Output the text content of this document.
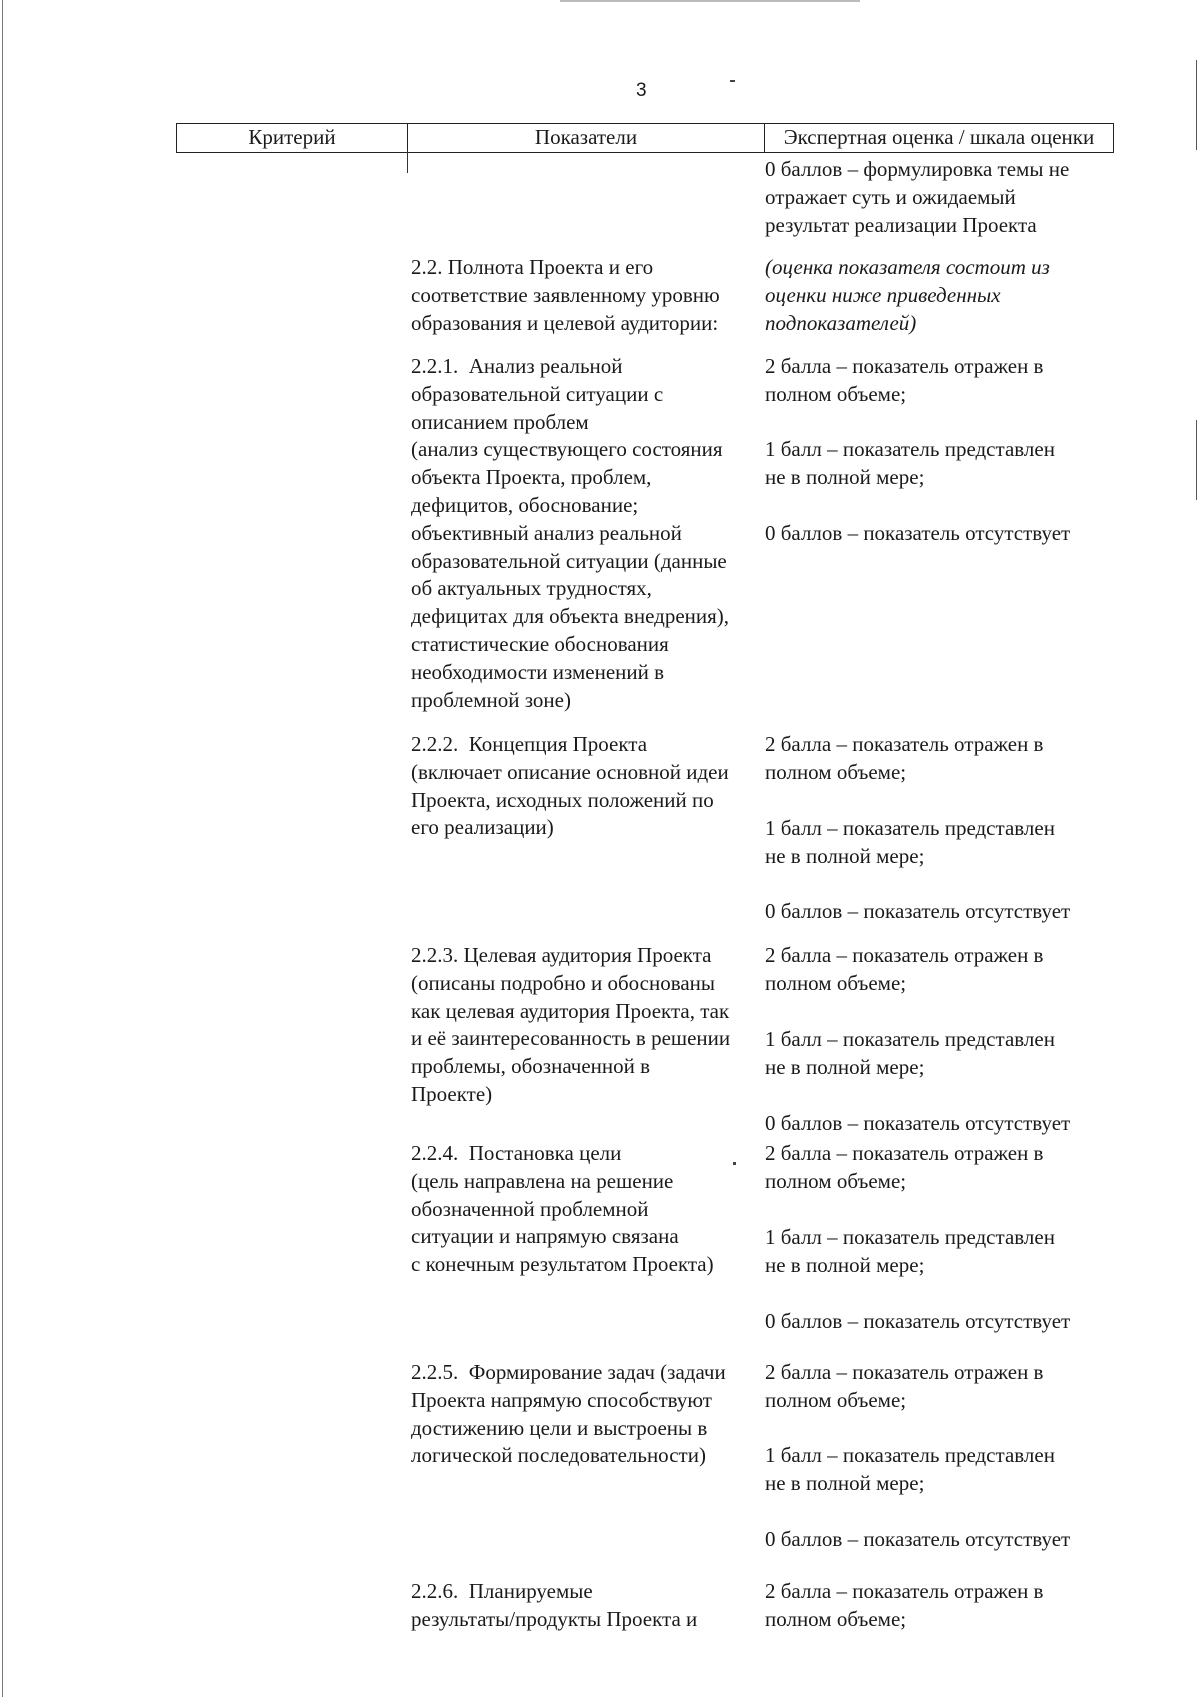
3
Критерий	Показатели	Экспертная оценка / шкала оценки
0 баллов – формулировка темы не
отражает суть и ожидаемый
результат реализации Проекта
2.2. Полнота Проекта и его
соответствие заявленному уровню
образования и целевой аудитории:
(оценка показателя состоит из
оценки ниже приведенных
подпоказателей)
2.2.1.  Анализ реальной
образовательной ситуации с
описанием проблем
(анализ существующего состояния
объекта Проекта, проблем,
дефицитов, обоснование;
объективный анализ реальной
образовательной ситуации (данные
об актуальных трудностях,
дефицитах для объекта внедрения),
статистические обоснования
необходимости изменений в
проблемной зоне)
2 балла – показатель отражен в
полном объеме;
1 балл – показатель представлен
не в полной мере;
0 баллов – показатель отсутствует
2.2.2.  Концепция Проекта
(включает описание основной идеи
Проекта, исходных положений по
его реализации)
2 балла – показатель отражен в
полном объеме;
1 балл – показатель представлен
не в полной мере;
0 баллов – показатель отсутствует
2.2.3. Целевая аудитория Проекта
(описаны подробно и обоснованы
как целевая аудитория Проекта, так
и её заинтересованность в решении
проблемы, обозначенной в
Проекте)
2 балла – показатель отражен в
полном объеме;
1 балл – показатель представлен
не в полной мере;
0 баллов – показатель отсутствует
2.2.4.  Постановка цели
(цель направлена на решение
обозначенной проблемной
ситуации и напрямую связана
с конечным результатом Проекта)
2 балла – показатель отражен в
полном объеме;
1 балл – показатель представлен
не в полной мере;
0 баллов – показатель отсутствует
2.2.5.  Формирование задач (задачи
Проекта напрямую способствуют
достижению цели и выстроены в
логической последовательности)
2 балла – показатель отражен в
полном объеме;
1 балл – показатель представлен
не в полной мере;
0 баллов – показатель отсутствует
2.2.6.  Планируемые
результаты/продукты Проекта и
2 балла – показатель отражен в
полном объеме;
